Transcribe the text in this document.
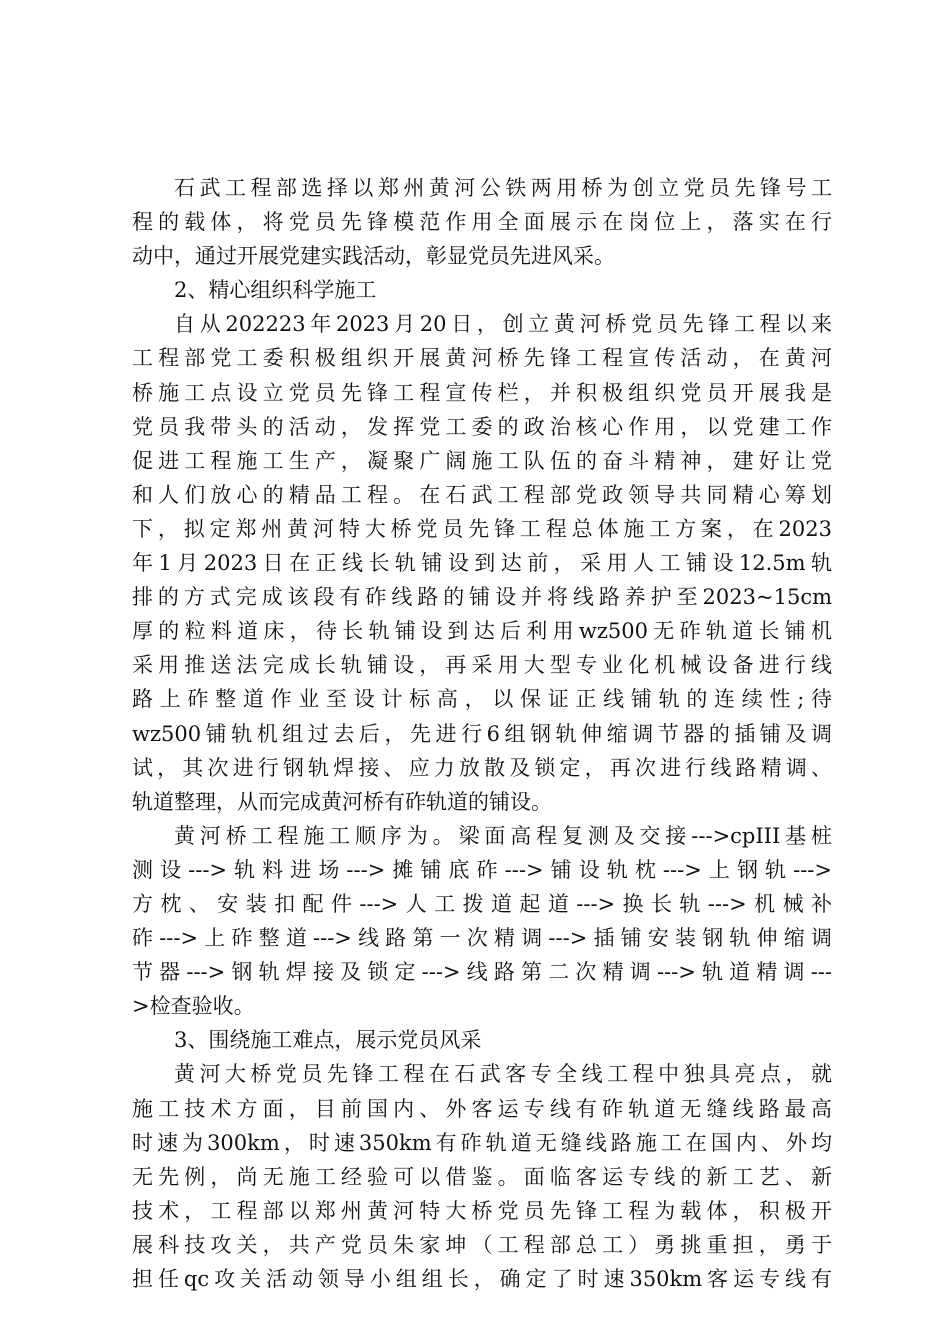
石武工程部选择以郑州黄河公铁两用桥为创立党员先锋号工
程的载体，将党员先锋模范作用全面展示在岗位上，落实在行
动中，通过开展党建实践活动，彰显党员先进风采。
2、精心组织科学施工
自从202223年2023月20日，创立黄河桥党员先锋工程以来
工程部党工委积极组织开展黄河桥先锋工程宣传活动，在黄河
桥施工点设立党员先锋工程宣传栏，并积极组织党员开展我是
党员我带头的活动，发挥党工委的政治核心作用，以党建工作
促进工程施工生产，凝聚广阔施工队伍的奋斗精神，建好让党
和人们放心的精品工程。在石武工程部党政领导共同精心筹划
下，拟定郑州黄河特大桥党员先锋工程总体施工方案，在2023
年1月2023日在正线长轨铺设到达前，采用人工铺设12.5m轨
排的方式完成该段有砟线路的铺设并将线路养护至2023~15cm
厚的粒料道床，待长轨铺设到达后利用wz500无砟轨道长铺机
采用推送法完成长轨铺设，再采用大型专业化机械设备进行线
路上砟整道作业至设计标高，以保证正线铺轨的连续性;待
wz500铺轨机组过去后，先进行6组钢轨伸缩调节器的插铺及调
试，其次进行钢轨焊接、应力放散及锁定，再次进行线路精调、
轨道整理，从而完成黄河桥有砟轨道的铺设。
黄河桥工程施工顺序为。梁面高程复测及交接--->cpIII基桩
测设--->轨料进场--->摊铺底砟--->铺设轨枕--->上钢轨--->
方枕、安装扣配件--->人工拨道起道--->换长轨--->机械补
砟--->上砟整道--->线路第一次精调--->插铺安装钢轨伸缩调
节器--->钢轨焊接及锁定--->线路第二次精调--->轨道精调---
>检查验收。
3、围绕施工难点，展示党员风采
黄河大桥党员先锋工程在石武客专全线工程中独具亮点，就
施工技术方面，目前国内、外客运专线有砟轨道无缝线路最高
时速为300km，时速350km有砟轨道无缝线路施工在国内、外均
无先例，尚无施工经验可以借鉴。面临客运专线的新工艺、新
技术，工程部以郑州黄河特大桥党员先锋工程为载体，积极开
展科技攻关，共产党员朱家坤（工程部总工）勇挑重担，勇于
担任qc攻关活动领导小组组长，确定了时速350km客运专线有
